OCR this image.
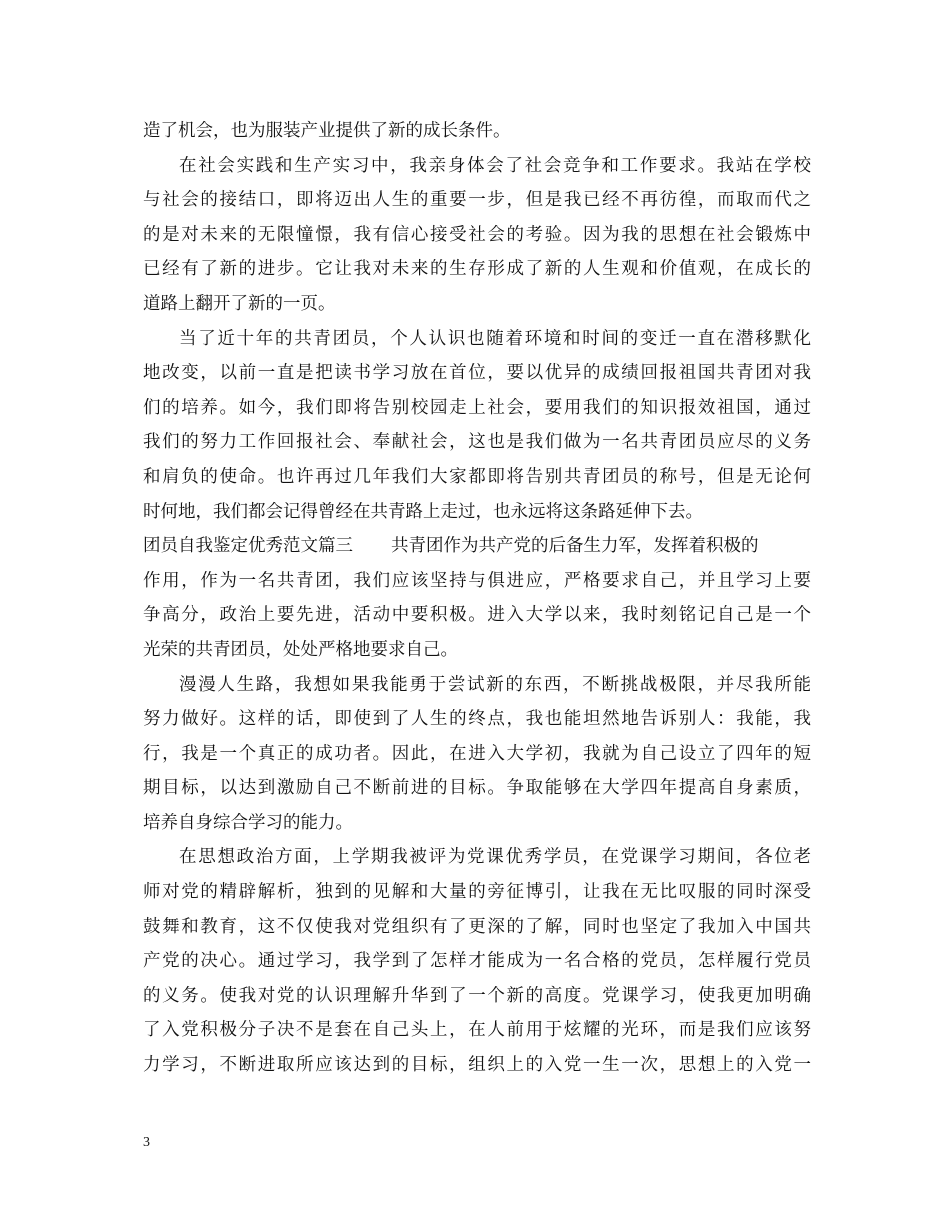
造了机会，也为服装产业提供了新的成长条件。
在社会实践和生产实习中，我亲身体会了社会竞争和工作要求。我站在学校
与社会的接结口，即将迈出人生的重要一步，但是我已经不再彷徨，而取而代之
的是对未来的无限憧憬，我有信心接受社会的考验。因为我的思想在社会锻炼中
已经有了新的进步。它让我对未来的生存形成了新的人生观和价值观，在成长的
道路上翻开了新的一页。
当了近十年的共青团员，个人认识也随着环境和时间的变迁一直在潜移默化
地改变，以前一直是把读书学习放在首位，要以优异的成绩回报祖国共青团对我
们的培养。如今，我们即将告别校园走上社会，要用我们的知识报效祖国，通过
我们的努力工作回报社会、奉献社会，这也是我们做为一名共青团员应尽的义务
和肩负的使命。也许再过几年我们大家都即将告别共青团员的称号，但是无论何
时何地，我们都会记得曾经在共青路上走过，也永远将这条路延伸下去。
团员自我鉴定优秀范文篇三 共青团作为共产党的后备生力军，发挥着积极的
作用，作为一名共青团，我们应该坚持与俱进应，严格要求自己，并且学习上要
争高分，政治上要先进，活动中要积极。进入大学以来，我时刻铭记自己是一个
光荣的共青团员，处处严格地要求自己。
漫漫人生路，我想如果我能勇于尝试新的东西，不断挑战极限，并尽我所能
努力做好。这样的话，即使到了人生的终点，我也能坦然地告诉别人：我能，我
行，我是一个真正的成功者。因此，在进入大学初，我就为自己设立了四年的短
期目标，以达到激励自己不断前进的目标。争取能够在大学四年提高自身素质，
培养自身综合学习的能力。
在思想政治方面，上学期我被评为党课优秀学员，在党课学习期间，各位老
师对党的精辟解析，独到的见解和大量的旁征博引，让我在无比叹服的同时深受
鼓舞和教育，这不仅使我对党组织有了更深的了解，同时也坚定了我加入中国共
产党的决心。通过学习，我学到了怎样才能成为一名合格的党员，怎样履行党员
的义务。使我对党的认识理解升华到了一个新的高度。党课学习，使我更加明确
了入党积极分子决不是套在自己头上，在人前用于炫耀的光环，而是我们应该努
力学习，不断进取所应该达到的目标，组织上的入党一生一次，思想上的入党一
3
